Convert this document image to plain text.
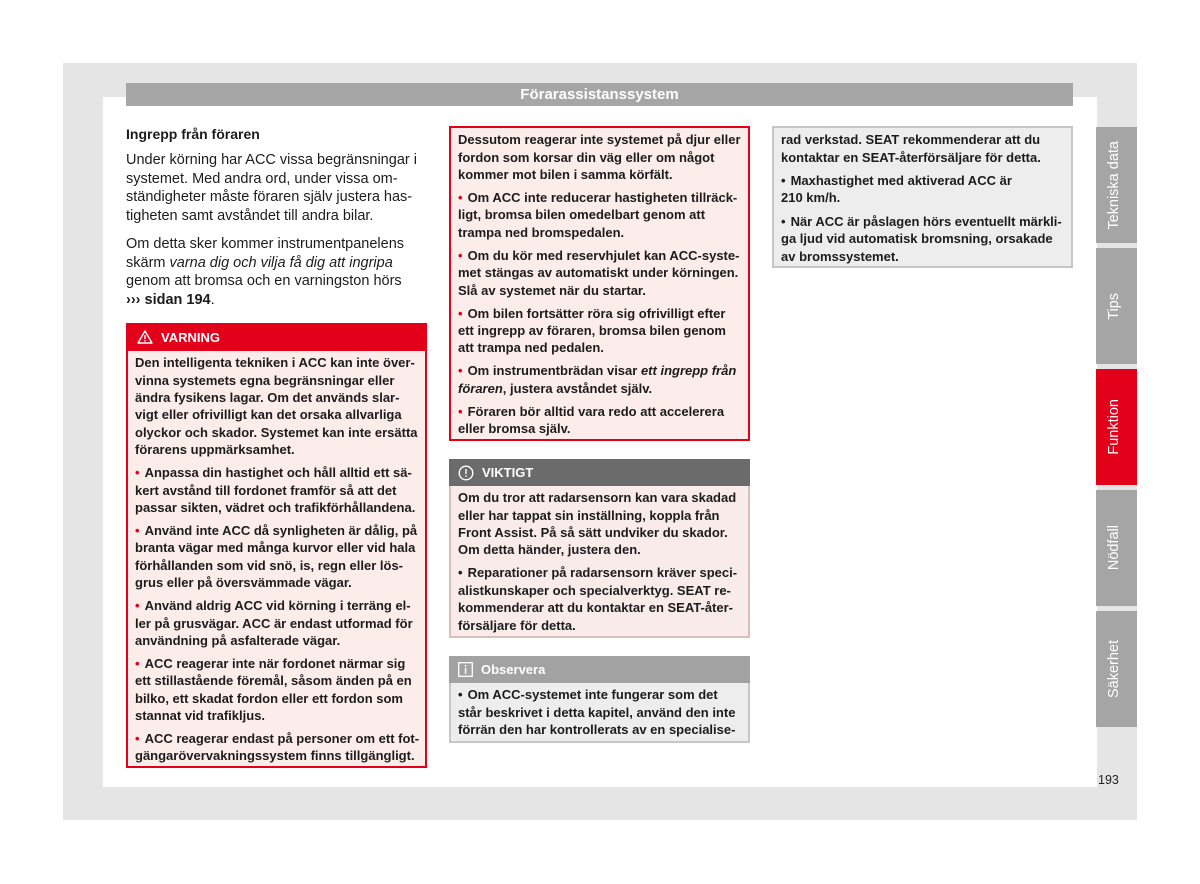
Förarassistanssystem
Ingrepp från föraren
Under körning har ACC vissa begränsningar i
systemet. Med andra ord, under vissa om-
ständigheter måste föraren själv justera has-
tigheten samt avståndet till andra bilar.
Om detta sker kommer instrumentpanelens
skärm varna dig och vilja få dig att ingripa
genom att bromsa och en varningston hörs
››› sidan 194.
VARNING
Den intelligenta tekniken i ACC kan inte över-
vinna systemets egna begränsningar eller
ändra fysikens lagar. Om det används slar-
vigt eller ofrivilligt kan det orsaka allvarliga
olyckor och skador. Systemet kan inte ersätta
förarens uppmärksamhet.
• Anpassa din hastighet och håll alltid ett sä-
kert avstånd till fordonet framför så att det
passar sikten, vädret och trafikförhållandena.
• Använd inte ACC då synligheten är dålig, på
branta vägar med många kurvor eller vid hala
förhållanden som vid snö, is, regn eller lös-
grus eller på översvämmade vägar.
• Använd aldrig ACC vid körning i terräng el-
ler på grusvägar. ACC är endast utformad för
användning på asfalterade vägar.
• ACC reagerar inte när fordonet närmar sig
ett stillastående föremål, såsom änden på en
bilko, ett skadat fordon eller ett fordon som
stannat vid trafikljus.
• ACC reagerar endast på personer om ett fot-
gängarövervakningssystem finns tillgängligt.
Dessutom reagerar inte systemet på djur eller
fordon som korsar din väg eller om något
kommer mot bilen i samma körfält.
• Om ACC inte reducerar hastigheten tillräck-
ligt, bromsa bilen omedelbart genom att
trampa ned bromspedalen.
• Om du kör med reservhjulet kan ACC-syste-
met stängas av automatiskt under körningen.
Slå av systemet när du startar.
• Om bilen fortsätter röra sig ofrivilligt efter
ett ingrepp av föraren, bromsa bilen genom
att trampa ned pedalen.
• Om instrumentbrädan visar ett ingrepp från
föraren, justera avståndet själv.
• Föraren bör alltid vara redo att accelerera
eller bromsa själv.
VIKTIGT
Om du tror att radarsensorn kan vara skadad
eller har tappat sin inställning, koppla från
Front Assist. På så sätt undviker du skador.
Om detta händer, justera den.
• Reparationer på radarsensorn kräver speci-
alistkunskaper och specialverktyg. SEAT re-
kommenderar att du kontaktar en SEAT-åter-
försäljare för detta.
Observera
• Om ACC-systemet inte fungerar som det
står beskrivet i detta kapitel, använd den inte
förrän den har kontrollerats av en specialise-
rad verkstad. SEAT rekommenderar att du
kontaktar en SEAT-återförsäljare för detta.
• Maxhastighet med aktiverad ACC är
210 km/h.
• När ACC är påslagen hörs eventuellt märkli-
ga ljud vid automatisk bromsning, orsakade
av bromssystemet.
Tekniska data
Tips
Funktion
Nödfall
Säkerhet
193
